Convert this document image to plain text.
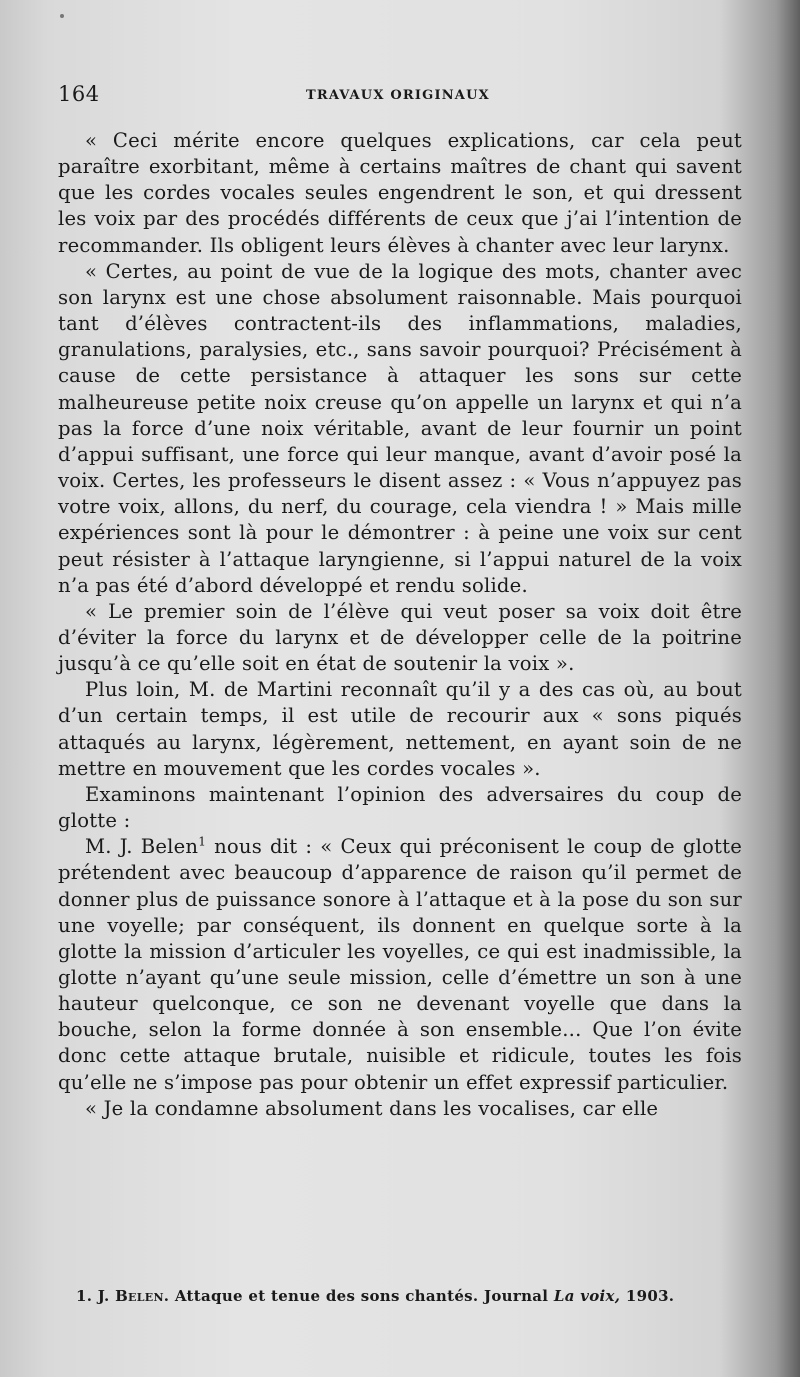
164	TRAVAUX ORIGINAUX

« Ceci mérite encore quelques explications, car cela peut paraître exorbitant, même à certains maîtres de chant qui savent que les cordes vocales seules engendrent le son, et qui dressent les voix par des procédés différents de ceux que j’ai l’intention de recommander. Ils obligent leurs élèves à chanter avec leur larynx.

« Certes, au point de vue de la logique des mots, chanter avec son larynx est une chose absolument raisonnable. Mais pourquoi tant d’élèves contractent-ils des inflammations, maladies, granulations, paralysies, etc., sans savoir pourquoi? Précisément à cause de cette persistance à attaquer les sons sur cette malheureuse petite noix creuse qu’on appelle un larynx et qui n’a pas la force d’une noix véritable, avant de leur fournir un point d’appui suffisant, une force qui leur manque, avant d’avoir posé la voix. Certes, les professeurs le disent assez : « Vous n’appuyez pas votre voix, allons, du nerf, du courage, cela viendra ! » Mais mille expériences sont là pour le démontrer : à peine une voix sur cent peut résister à l’attaque laryngienne, si l’appui naturel de la voix n’a pas été d’abord développé et rendu solide.

« Le premier soin de l’élève qui veut poser sa voix doit être d’éviter la force du larynx et de développer celle de la poitrine jusqu’à ce qu’elle soit en état de soutenir la voix ».

Plus loin, M. de Martini reconnaît qu’il y a des cas où, au bout d’un certain temps, il est utile de recourir aux « sons piqués attaqués au larynx, légèrement, nettement, en ayant soin de ne mettre en mouvement que les cordes vocales ».

Examinons maintenant l’opinion des adversaires du coup de glotte :

M. J. Belen$^1$ nous dit : « Ceux qui préconisent le coup de glotte prétendent avec beaucoup d’apparence de raison qu’il permet de donner plus de puissance sonore à l’attaque et à la pose du son sur une voyelle; par conséquent, ils donnent en quelque sorte à la glotte la mission d’articuler les voyelles, ce qui est inadmissible, la glotte n’ayant qu’une seule mission, celle d’émettre un son à une hauteur quelconque, ce son ne devenant voyelle que dans la bouche, selon la forme donnée à son ensemble... Que l’on évite donc cette attaque brutale, nuisible et ridicule, toutes les fois qu’elle ne s’impose pas pour obtenir un effet expressif particulier.

« Je la condamne absolument dans les vocalises, car elle

1. J. Belen. Attaque et tenue des sons chantés. Journal La voix, 1903.
